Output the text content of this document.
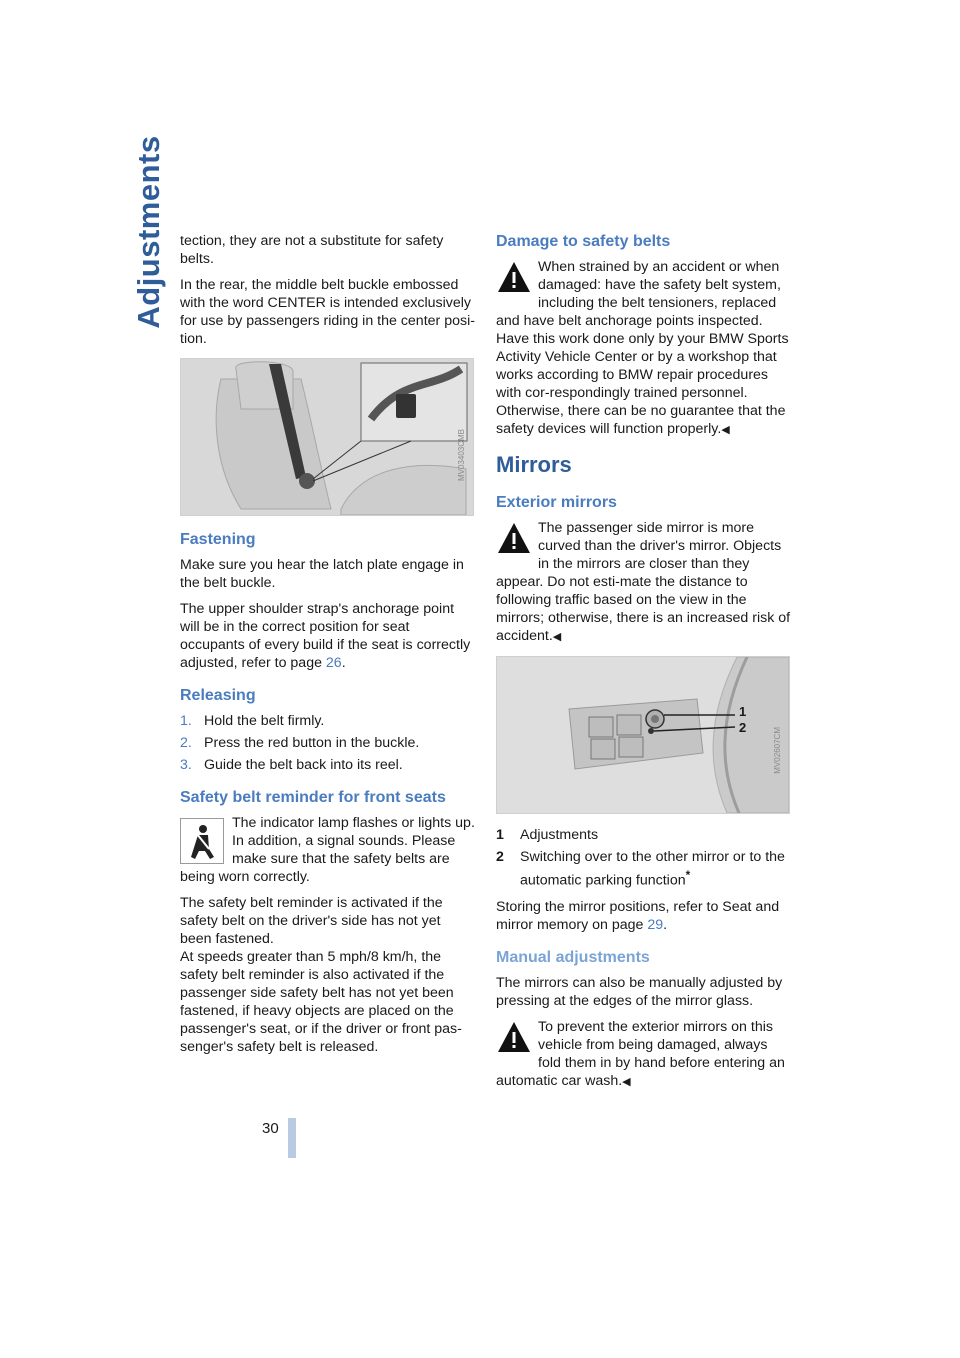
Adjustments tection, they are not a substitute for safety belts.

In the rear, the middle belt buckle embossed with the word CENTER is intended exclusively for use by passengers riding in the center posi-tion.

MV03403CMB
Fastening

Make sure you hear the latch plate engage in the belt buckle.

The upper shoulder strap's anchorage point will be in the correct position for seat occupants of every build if the seat is correctly adjusted, refer to page 26.

Releasing
1. Hold the belt firmly.
2. Press the red button in the buckle.
3. Guide the belt back into its reel.
Safety belt reminder for front seats
The indicator lamp flashes or lights up. In addition, a signal sounds. Please make sure that the safety belts are being worn correctly.

The safety belt reminder is activated if the safety belt on the driver's side has not yet been fastened.

At speeds greater than 5 mph/8 km/h, the safety belt reminder is also activated if the passenger side safety belt has not yet been fastened, if heavy objects are placed on the passenger's seat, or if the driver or front pas-senger's safety belt is released.

Damage to safety belts
When strained by an accident or when damaged: have the safety belt system, including the belt tensioners, replaced and have belt anchorage points inspected. Have this work done only by your BMW Sports Activity Vehicle Center or by a workshop that works according to BMW repair procedures with cor-respondingly trained personnel. Otherwise, there can be no guarantee that the safety devices will function properly.◀
Mirrors
Exterior mirrors
The passenger side mirror is more curved than the driver's mirror. Objects in the mirrors are closer than they appear. Do not esti-mate the distance to following traffic based on the view in the mirrors; otherwise, there is an increased risk of accident.◀
1
2	MV02607CM
1	Adjustments
2	Switching over to the other mirror or to the automatic parking function*

Storing the mirror positions, refer to Seat and mirror memory on page 29.

Manual adjustments

The mirrors can also be manually adjusted by pressing at the edges of the mirror glass.

To prevent the exterior mirrors on this vehicle from being damaged, always fold them in by hand before entering an automatic car wash.◀
30
